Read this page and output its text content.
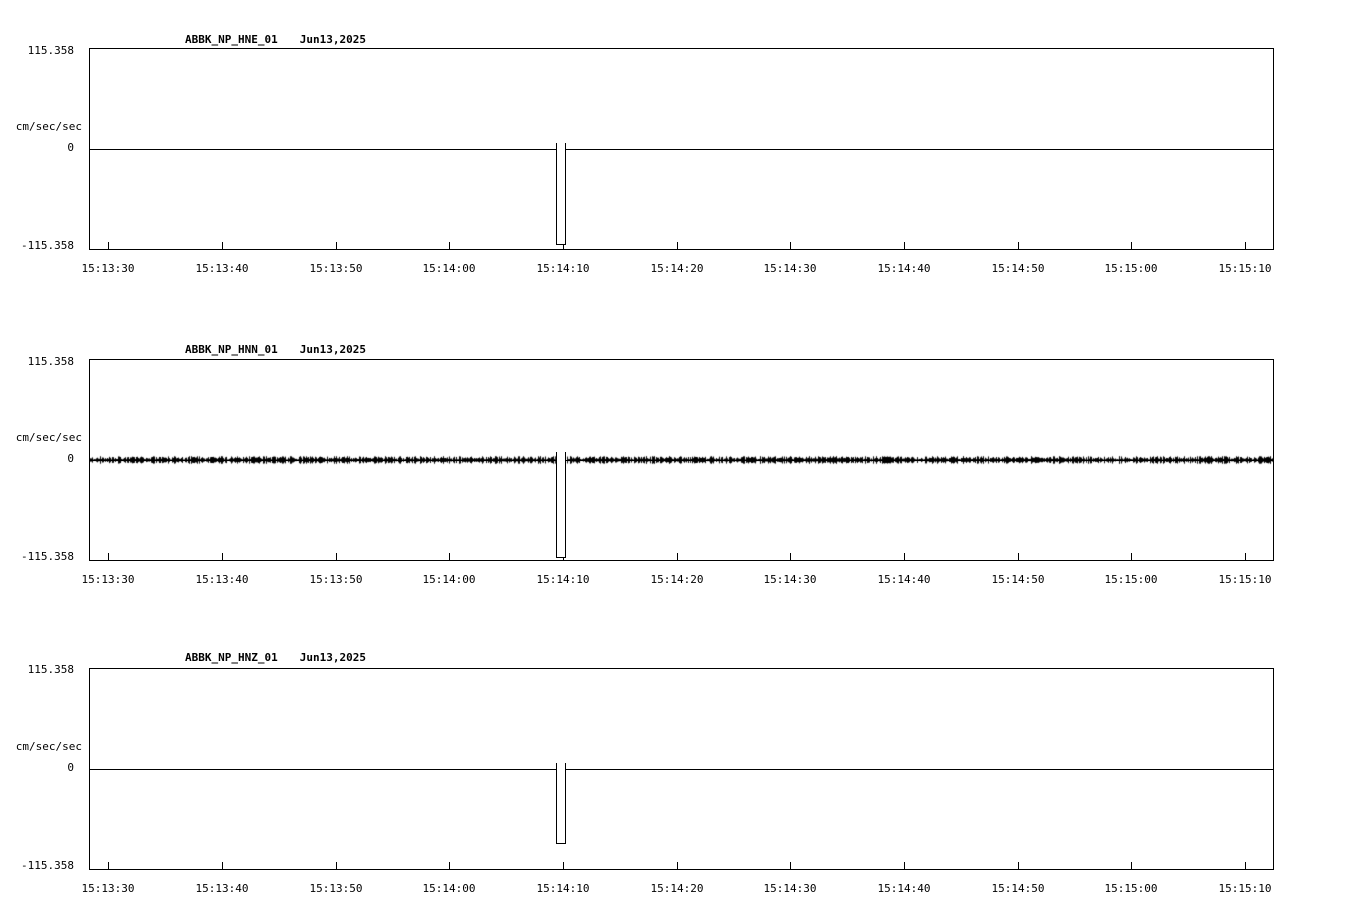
ABBK_NP_HNE_01 Jun13,2025
115.358
cm/sec/sec
0
-115.358
15:13:30	15:13:40	15:13:50	15:14:00	15:14:10	15:14:20	15:14:30	15:14:40	15:14:50	15:15:00	15:15:10
ABBK_NP_HNN_01 Jun13,2025
115.358
cm/sec/sec
0
-115.358
15:13:30	15:13:40	15:13:50	15:14:00	15:14:10	15:14:20	15:14:30	15:14:40	15:14:50	15:15:00	15:15:10
ABBK_NP_HNZ_01 Jun13,2025
115.358
cm/sec/sec
0
-115.358
15:13:30	15:13:40	15:13:50	15:14:00	15:14:10	15:14:20	15:14:30	15:14:40	15:14:50	15:15:00	15:15:10
